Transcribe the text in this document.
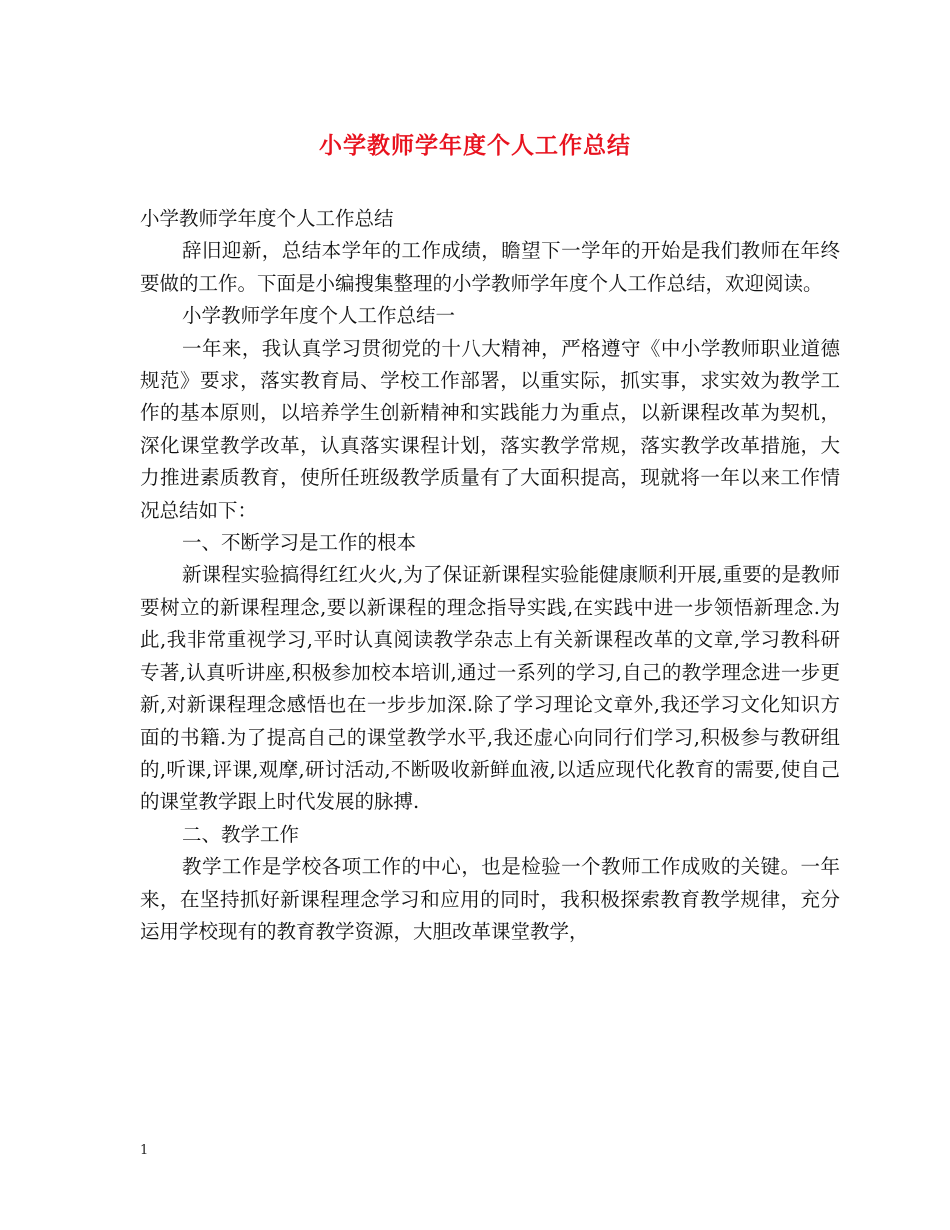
小学教师学年度个人工作总结

小学教师学年度个人工作总结

辞旧迎新，总结本学年的工作成绩，瞻望下一学年的开始是我们教师在年终要做的工作。下面是小编搜集整理的小学教师学年度个人工作总结，欢迎阅读。

小学教师学年度个人工作总结一

一年来，我认真学习贯彻党的十八大精神，严格遵守《中小学教师职业道德规范》要求，落实教育局、学校工作部署，以重实际，抓实事，求实效为教学工作的基本原则，以培养学生创新精神和实践能力为重点，以新课程改革为契机，深化课堂教学改革，认真落实课程计划，落实教学常规，落实教学改革措施，大力推进素质教育，使所任班级教学质量有了大面积提高，现就将一年以来工作情况总结如下：

一、不断学习是工作的根本

新课程实验搞得红红火火,为了保证新课程实验能健康顺利开展,重要的是教师要树立的新课程理念,要以新课程的理念指导实践,在实践中进一步领悟新理念.为此,我非常重视学习,平时认真阅读教学杂志上有关新课程改革的文章,学习教科研专著,认真听讲座,积极参加校本培训,通过一系列的学习,自己的教学理念进一步更新,对新课程理念感悟也在一步步加深.除了学习理论文章外,我还学习文化知识方面的书籍.为了提高自己的课堂教学水平,我还虚心向同行们学习,积极参与教研组的,听课,评课,观摩,研讨活动,不断吸收新鲜血液,以适应现代化教育的需要,使自己的课堂教学跟上时代发展的脉搏.

二、教学工作

教学工作是学校各项工作的中心，也是检验一个教师工作成败的关键。一年来，在坚持抓好新课程理念学习和应用的同时，我积极探索教育教学规律，充分运用学校现有的教育教学资源，大胆改革课堂教学，

1
